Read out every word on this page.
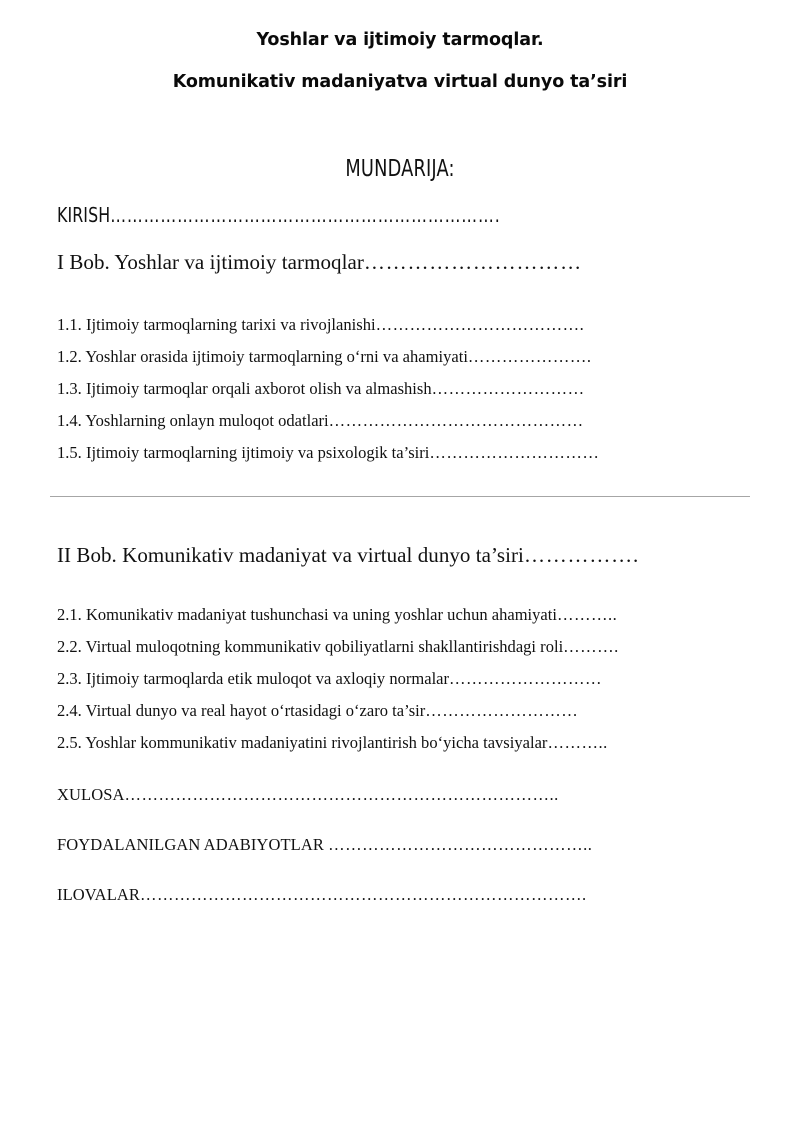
Yoshlar va ijtimoiy tarmoqlar.
Komunikativ madaniyatva virtual dunyo ta’siri
MUNDARIJA:
KIRISH…………………………………………………………….
I Bob. Yoshlar va ijtimoiy tarmoqlar…………………………
1.1. Ijtimoiy tarmoqlarning tarixi va rivojlanishi……………………………….
1.2. Yoshlar orasida ijtimoiy tarmoqlarning o‘rni va ahamiyati………………….
1.3. Ijtimoiy tarmoqlar orqali axborot olish va almashish………………………
1.4. Yoshlarning onlayn muloqot odatlari………………………………………
1.5. Ijtimoiy tarmoqlarning ijtimoiy va psixologik ta’siri…………………………
II Bob. Komunikativ madaniyat va virtual dunyo ta’siri…………….
2.1. Komunikativ madaniyat tushunchasi va uning yoshlar uchun ahamiyati………..
2.2. Virtual muloqotning kommunikativ qobiliyatlarni shakllantirishdagi roli……….
2.3. Ijtimoiy tarmoqlarda etik muloqot va axloqiy normalar………………………
2.4. Virtual dunyo va real hayot o‘rtasidagi o‘zaro ta’sir………………………
2.5. Yoshlar kommunikativ madaniyatini rivojlantirish bo‘yicha tavsiyalar………..
XULOSA…………………………………………………………………..
FOYDALANILGAN ADABIYOTLAR ………………………………………..
ILOVALAR…………………………………………………………………….
